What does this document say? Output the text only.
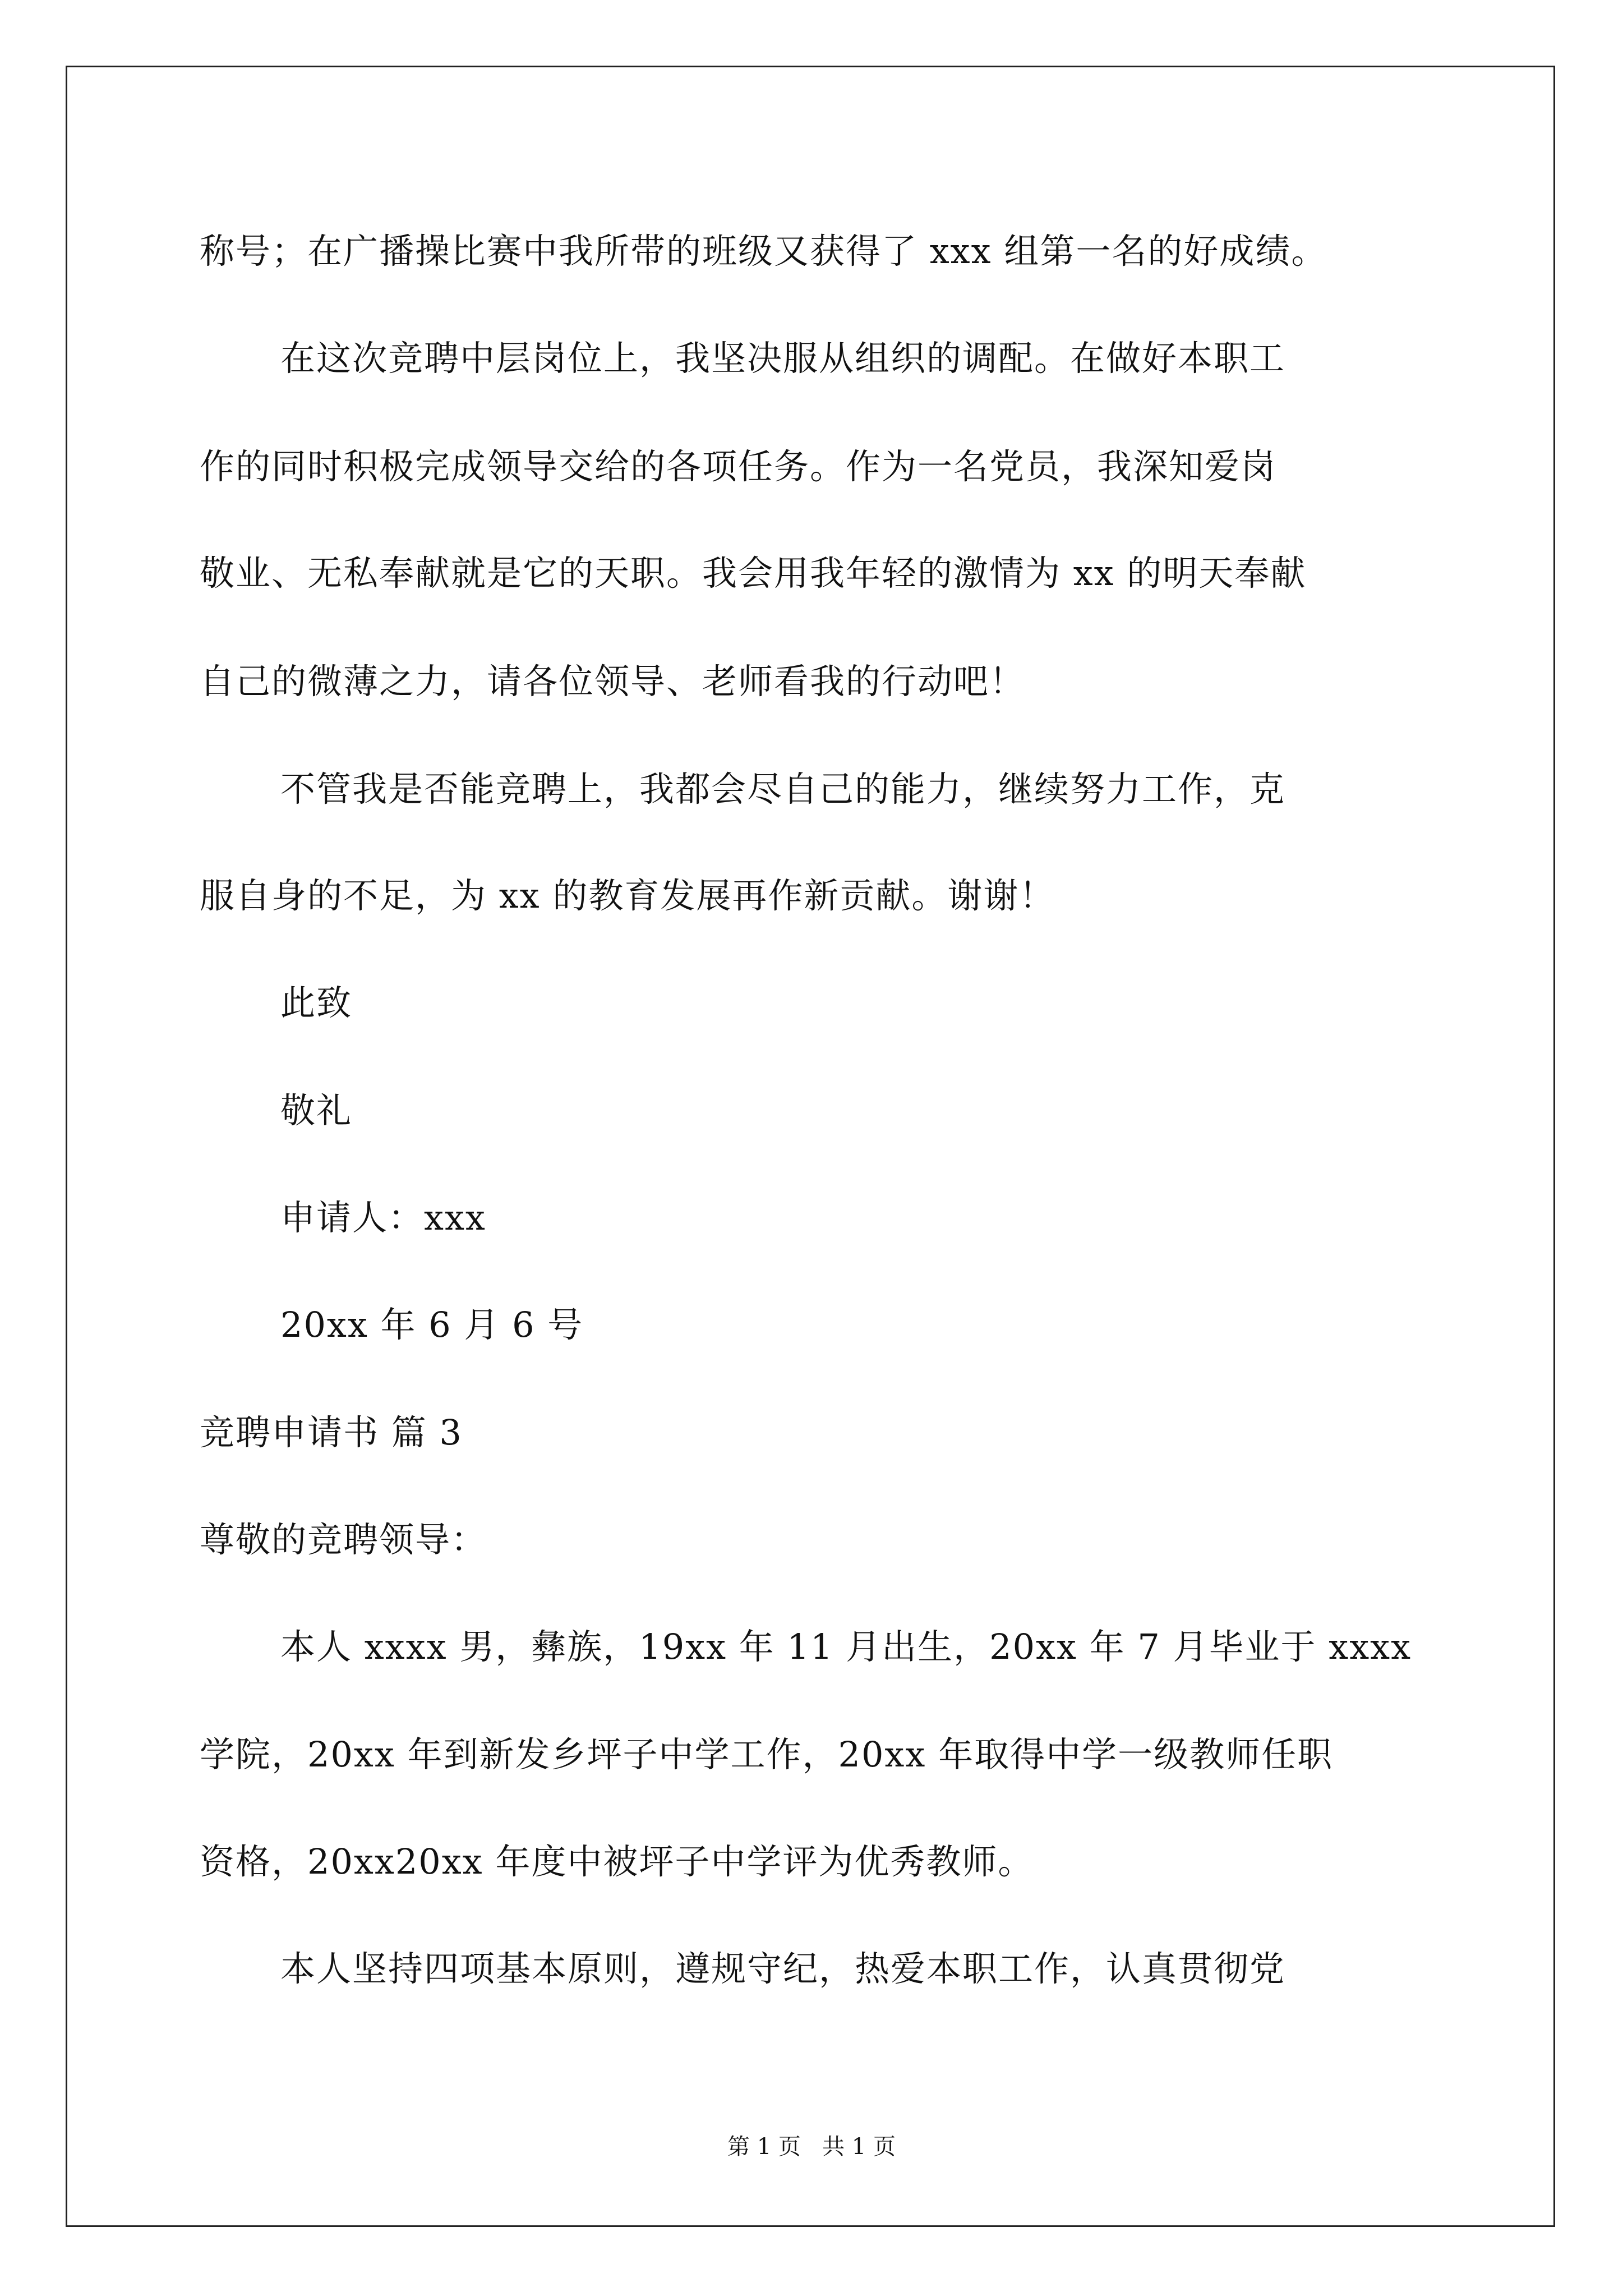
称号；在广播操比赛中我所带的班级又获得了 xxx 组第一名的好成绩。
在这次竞聘中层岗位上，我坚决服从组织的调配。在做好本职工
作的同时积极完成领导交给的各项任务。作为一名党员，我深知爱岗
敬业、无私奉献就是它的天职。我会用我年轻的激情为 xx 的明天奉献
自己的微薄之力，请各位领导、老师看我的行动吧！
不管我是否能竞聘上，我都会尽自己的能力，继续努力工作，克
服自身的不足，为 xx 的教育发展再作新贡献。谢谢！
此致
敬礼
申请人：xxx
20xx 年 6 月 6 号
竞聘申请书 篇 3
尊敬的竞聘领导：
本人 xxxx 男，彝族，19xx 年 11 月出生，20xx 年 7 月毕业于 xxxx
学院，20xx 年到新发乡坪子中学工作，20xx 年取得中学一级教师任职
资格，20xx20xx 年度中被坪子中学评为优秀教师。
本人坚持四项基本原则，遵规守纪，热爱本职工作，认真贯彻党
第 1 页   共 1 页
